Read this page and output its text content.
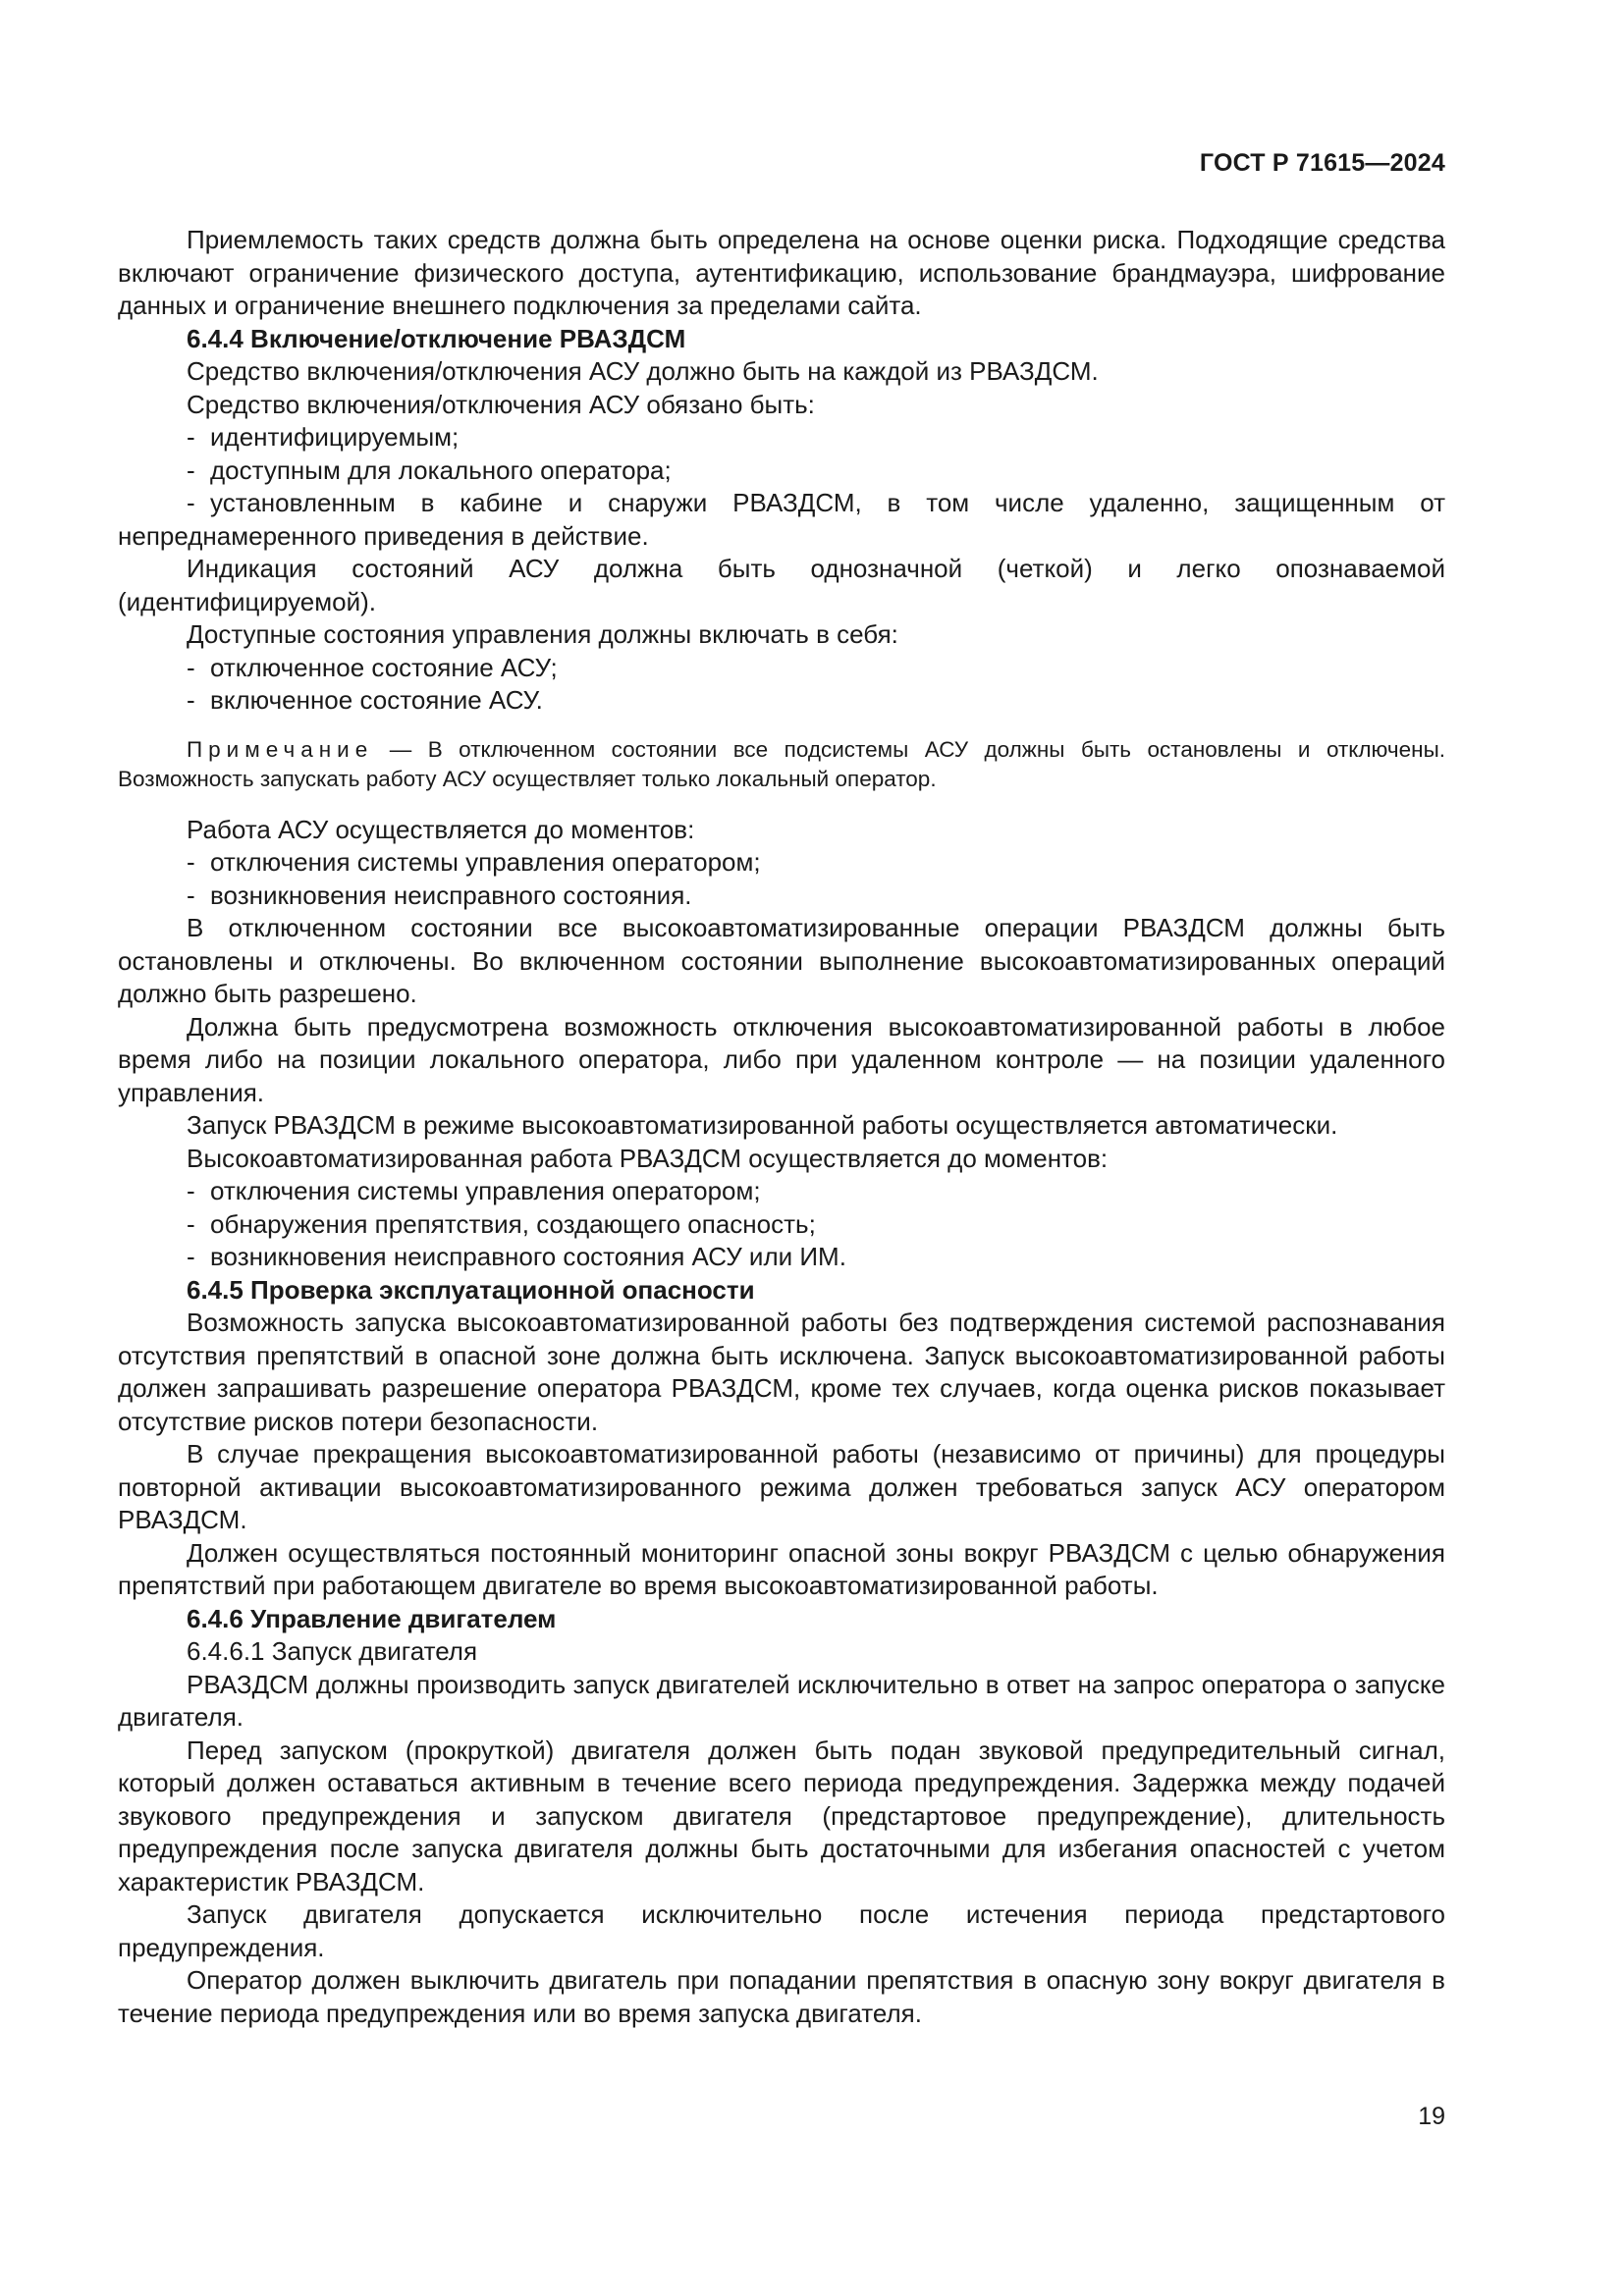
ГОСТ Р 71615—2024

Приемлемость таких средств должна быть определена на основе оценки риска. Подходящие средства включают ограничение физического доступа, аутентификацию, использование брандмауэра, шифрование данных и ограничение внешнего подключения за пределами сайта.

6.4.4 Включение/отключение РВАЗДСМ

Средство включения/отключения АСУ должно быть на каждой из РВАЗДСМ.

Средство включения/отключения АСУ обязано быть:

- идентифицируемым;

- доступным для локального оператора;

- установленным в кабине и снаружи РВАЗДСМ, в том числе удаленно, защищенным от непреднамеренного приведения в действие.

Индикация состояний АСУ должна быть однозначной (четкой) и легко опознаваемой (идентифицируемой).

Доступные состояния управления должны включать в себя:

- отключенное состояние АСУ;

- включенное состояние АСУ.

Примечание — В отключенном состоянии все подсистемы АСУ должны быть остановлены и отключены. Возможность запускать работу АСУ осуществляет только локальный оператор.

Работа АСУ осуществляется до моментов:

- отключения системы управления оператором;

- возникновения неисправного состояния.

В отключенном состоянии все высокоавтоматизированные операции РВАЗДСМ должны быть остановлены и отключены. Во включенном состоянии выполнение высокоавтоматизированных операций должно быть разрешено.

Должна быть предусмотрена возможность отключения высокоавтоматизированной работы в любое время либо на позиции локального оператора, либо при удаленном контроле — на позиции удаленного управления.

Запуск РВАЗДСМ в режиме высокоавтоматизированной работы осуществляется автоматически.

Высокоавтоматизированная работа РВАЗДСМ осуществляется до моментов:

- отключения системы управления оператором;

- обнаружения препятствия, создающего опасность;

- возникновения неисправного состояния АСУ или ИМ.

6.4.5 Проверка эксплуатационной опасности

Возможность запуска высокоавтоматизированной работы без подтверждения системой распознавания отсутствия препятствий в опасной зоне должна быть исключена. Запуск высокоавтоматизированной работы должен запрашивать разрешение оператора РВАЗДСМ, кроме тех случаев, когда оценка рисков показывает отсутствие рисков потери безопасности.

В случае прекращения высокоавтоматизированной работы (независимо от причины) для процедуры повторной активации высокоавтоматизированного режима должен требоваться запуск АСУ оператором РВАЗДСМ.

Должен осуществляться постоянный мониторинг опасной зоны вокруг РВАЗДСМ с целью обнаружения препятствий при работающем двигателе во время высокоавтоматизированной работы.

6.4.6 Управление двигателем

6.4.6.1 Запуск двигателя

РВАЗДСМ должны производить запуск двигателей исключительно в ответ на запрос оператора о запуске двигателя.

Перед запуском (прокруткой) двигателя должен быть подан звуковой предупредительный сигнал, который должен оставаться активным в течение всего периода предупреждения. Задержка между подачей звукового предупреждения и запуском двигателя (предстартовое предупреждение), длительность предупреждения после запуска двигателя должны быть достаточными для избегания опасностей с учетом характеристик РВАЗДСМ.

Запуск двигателя допускается исключительно после истечения периода предстартового предупреждения.

Оператор должен выключить двигатель при попадании препятствия в опасную зону вокруг двигателя в течение периода предупреждения или во время запуска двигателя.

19
